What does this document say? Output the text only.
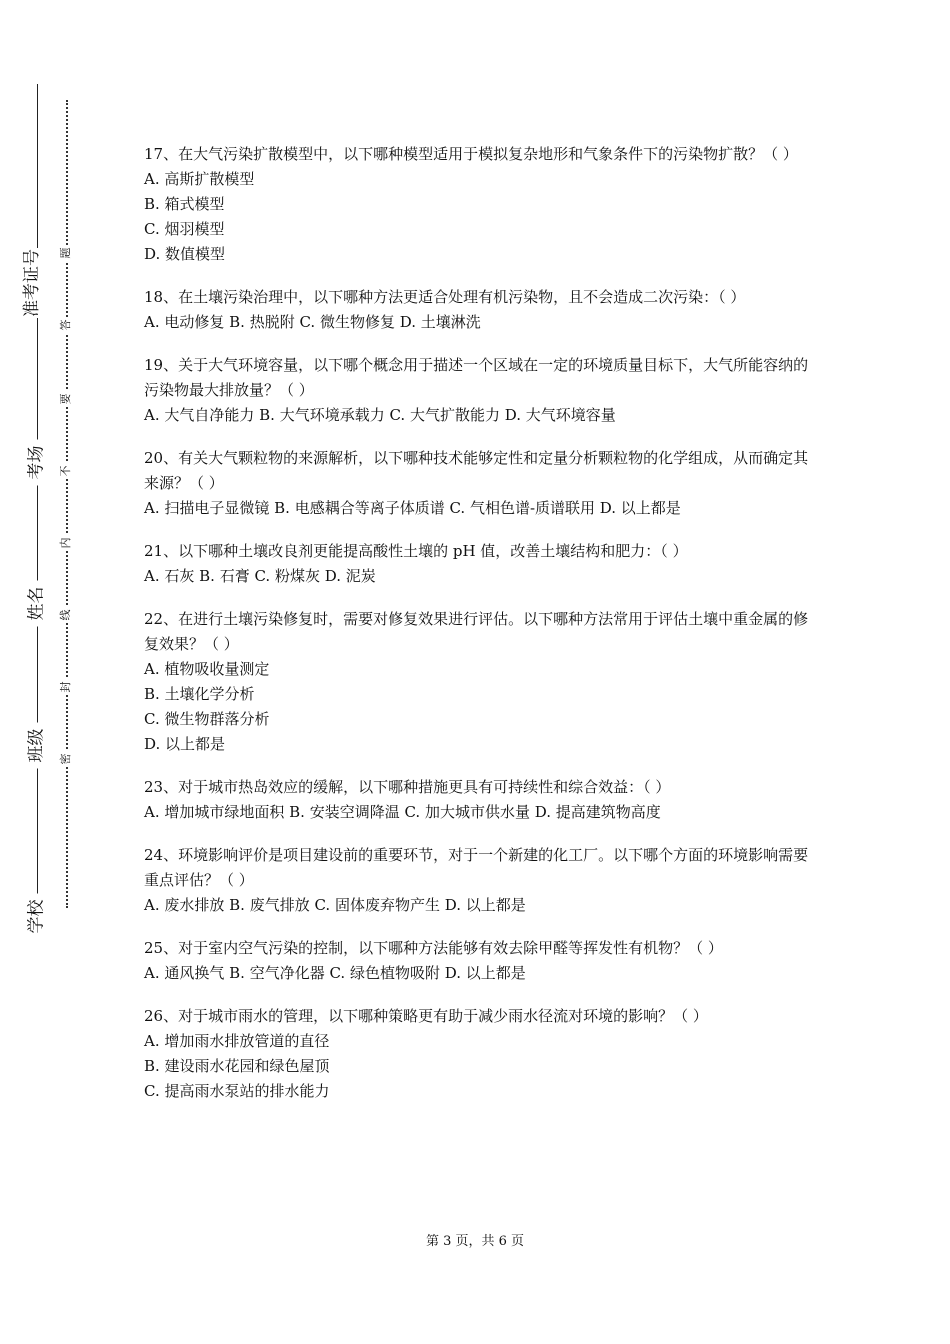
准考证号
考场
姓名
班级
学校
题
答
要
不
内
线
封
密

17、在大气污染扩散模型中，以下哪种模型适用于模拟复杂地形和气象条件下的污染物扩散？（ ）

A. 高斯扩散模型

B. 箱式模型

C. 烟羽模型

D. 数值模型

18、在土壤污染治理中，以下哪种方法更适合处理有机污染物，且不会造成二次污染：（ ）

A. 电动修复 B. 热脱附 C. 微生物修复 D. 土壤淋洗

19、关于大气环境容量，以下哪个概念用于描述一个区域在一定的环境质量目标下，大气所能容纳的污染物最大排放量？（ ）

A. 大气自净能力 B. 大气环境承载力 C. 大气扩散能力 D. 大气环境容量

20、有关大气颗粒物的来源解析，以下哪种技术能够定性和定量分析颗粒物的化学组成，从而确定其来源？（ ）

A. 扫描电子显微镜 B. 电感耦合等离子体质谱 C. 气相色谱-质谱联用 D. 以上都是

21、以下哪种土壤改良剂更能提高酸性土壤的 pH 值，改善土壤结构和肥力：（ ）

A. 石灰 B. 石膏 C. 粉煤灰 D. 泥炭

22、在进行土壤污染修复时，需要对修复效果进行评估。以下哪种方法常用于评估土壤中重金属的修复效果？（ ）

A. 植物吸收量测定

B. 土壤化学分析

C. 微生物群落分析

D. 以上都是

23、对于城市热岛效应的缓解，以下哪种措施更具有可持续性和综合效益：（ ）

A. 增加城市绿地面积 B. 安装空调降温 C. 加大城市供水量 D. 提高建筑物高度

24、环境影响评价是项目建设前的重要环节，对于一个新建的化工厂。以下哪个方面的环境影响需要重点评估？（ ）

A. 废水排放 B. 废气排放 C. 固体废弃物产生 D. 以上都是

25、对于室内空气污染的控制，以下哪种方法能够有效去除甲醛等挥发性有机物？（ ）

A. 通风换气 B. 空气净化器 C. 绿色植物吸附 D. 以上都是

26、对于城市雨水的管理，以下哪种策略更有助于减少雨水径流对环境的影响？（ ）

A. 增加雨水排放管道的直径

B. 建设雨水花园和绿色屋顶

C. 提高雨水泵站的排水能力

第 3 页，共 6 页
